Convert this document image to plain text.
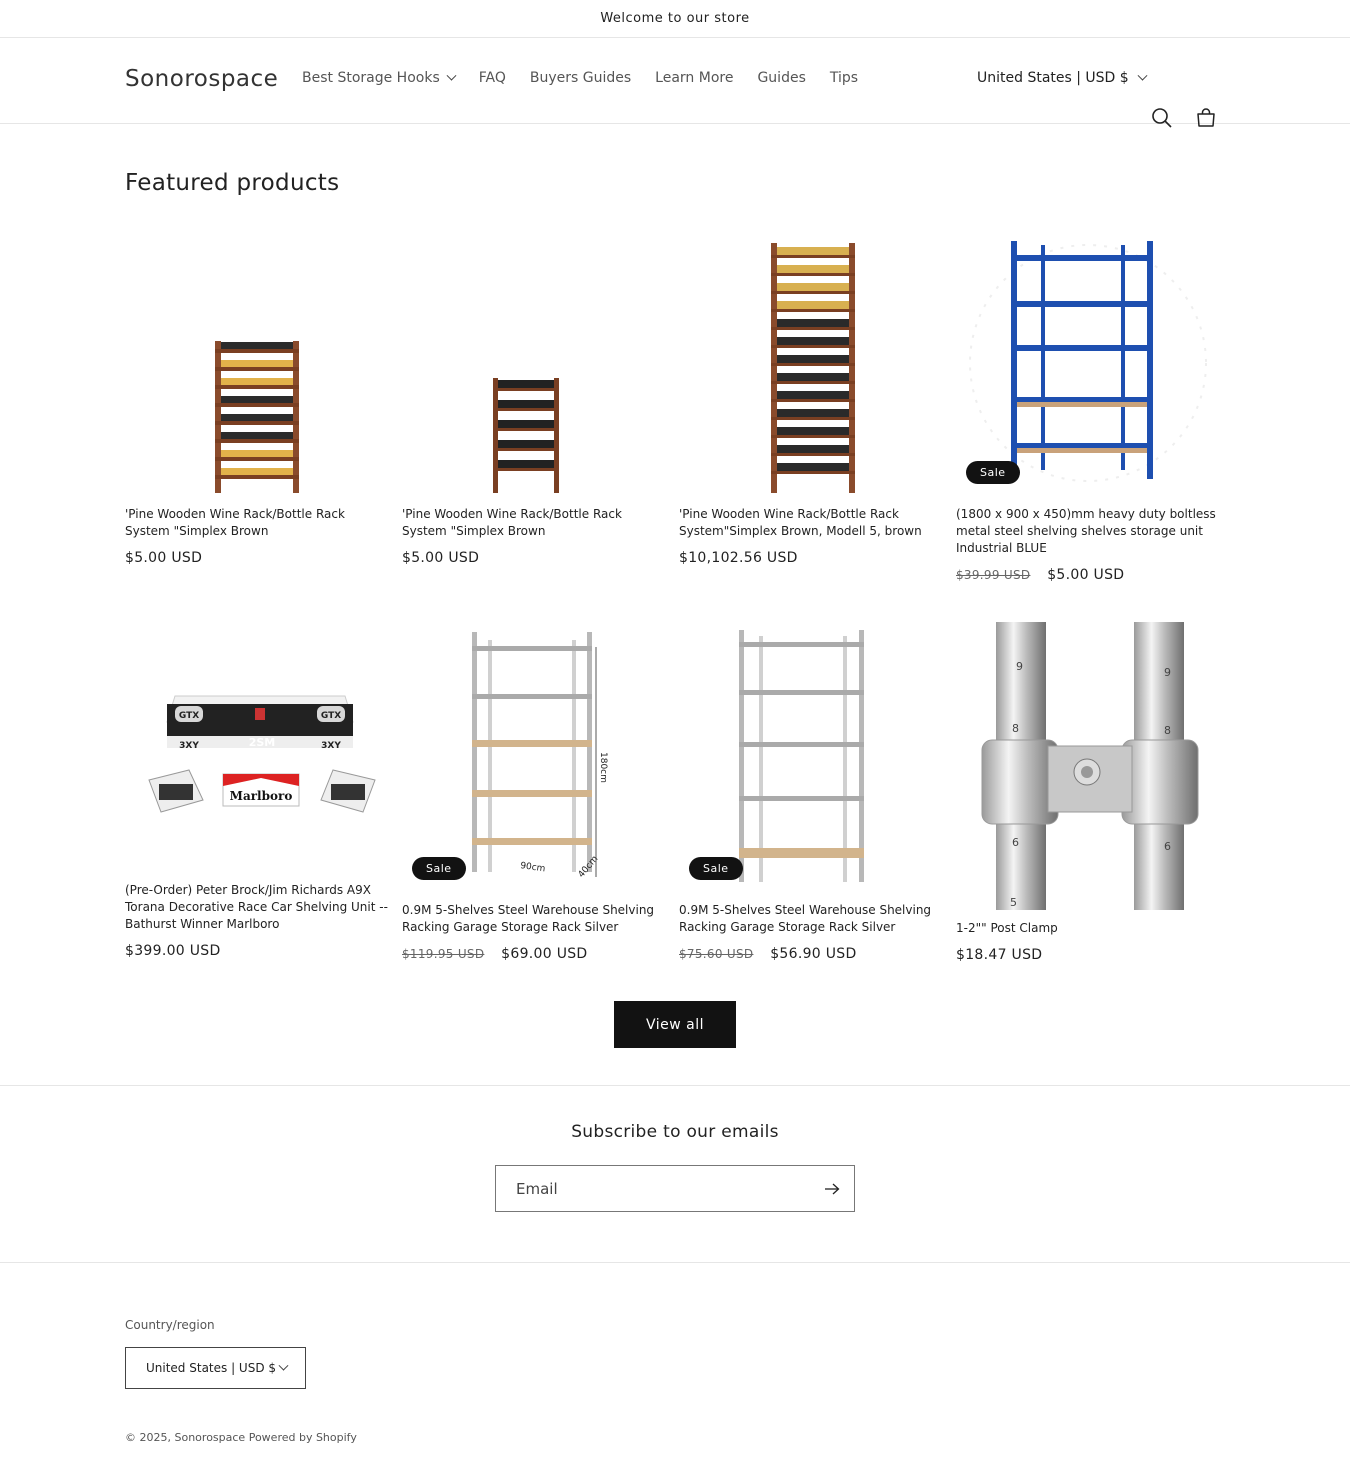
Welcome to our store
Sonorospace Best Storage Hooks	FAQ Buyers Guides Learn More Guides Tips	United States | USD $
Featured products
'Pine Wooden Wine Rack/Bottle Rack System "Simplex Brown
$5.00 USD
'Pine Wooden Wine Rack/Bottle Rack System "Simplex Brown
$5.00 USD
'Pine Wooden Wine Rack/Bottle Rack System"Simplex Brown, Modell 5, brown
$10,102.56 USD
Sale
(1800 x 900 x 450)mm heavy duty boltless metal steel shelving shelves storage unit Industrial BLUE
$39.99 USD $5.00 USD
GTX	GTX
3XY	2SM	3XY
Marlboro
(Pre-Order) Peter Brock/Jim Richards A9X Torana Decorative Race Car Shelving Unit -- Bathurst Winner Marlboro
$399.00 USD
180cm
90cm	40cm
Sale
0.9M 5-Shelves Steel Warehouse Shelving Racking Garage Storage Rack Silver
$119.95 USD $69.00 USD
Sale
0.9M 5-Shelves Steel Warehouse Shelving Racking Garage Storage Rack Silver
$75.60 USD $56.90 USD
9	9
8	8
6	6
5
1-2"" Post Clamp
$18.47 USD
View all
Subscribe to our emails
Email
Country/region
United States | USD $
© 2025, Sonorospace Powered by Shopify
